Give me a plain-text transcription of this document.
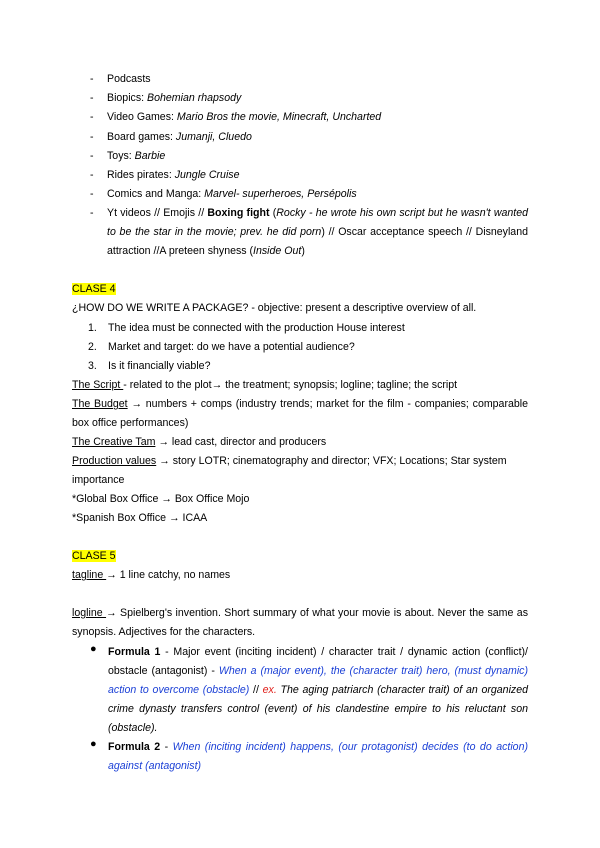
- Podcasts
- Biopics: Bohemian rhapsody
- Video Games: Mario Bros the movie, Minecraft, Uncharted
- Board games: Jumanji, Cluedo
- Toys: Barbie
- Rides pirates: Jungle Cruise
- Comics and Manga: Marvel- superheroes, Persépolis
- Yt videos // Emojis // Boxing fight (Rocky - he wrote his own script but he wasn't wanted to be the star in the movie; prev. he did porn) // Oscar acceptance speech // Disneyland attraction //A preteen shyness (Inside Out)
CLASE 4
¿HOW DO WE WRITE A PACKAGE? - objective: present a descriptive overview of all.
1. The idea must be connected with the production House interest
2. Market and target: do we have a potential audience?
3. Is it financially viable?
The Script - related to the plot→ the treatment; synopsis; logline; tagline; the script
The Budget → numbers + comps (industry trends; market for the film - companies; comparable box office performances)
The Creative Tam → lead cast, director and producers
Production values → story LOTR; cinematography and director; VFX; Locations; Star system importance
*Global Box Office → Box Office Mojo
*Spanish Box Office → ICAA
CLASE 5
tagline → 1 line catchy, no names
logline → Spielberg's invention. Short summary of what your movie is about. Never the same as synopsis. Adjectives for the characters.
● Formula 1 - Major event (inciting incident) / character trait / dynamic action (conflict)/ obstacle (antagonist) - When a (major event), the (character trait) hero, (must dynamic) action to overcome (obstacle) // ex. The aging patriarch (character trait) of an organized crime dynasty transfers control (event) of his clandestine empire to his reluctant son (obstacle).
● Formula 2 - When (inciting incident) happens, (our protagonist) decides (to do action) against (antagonist)
